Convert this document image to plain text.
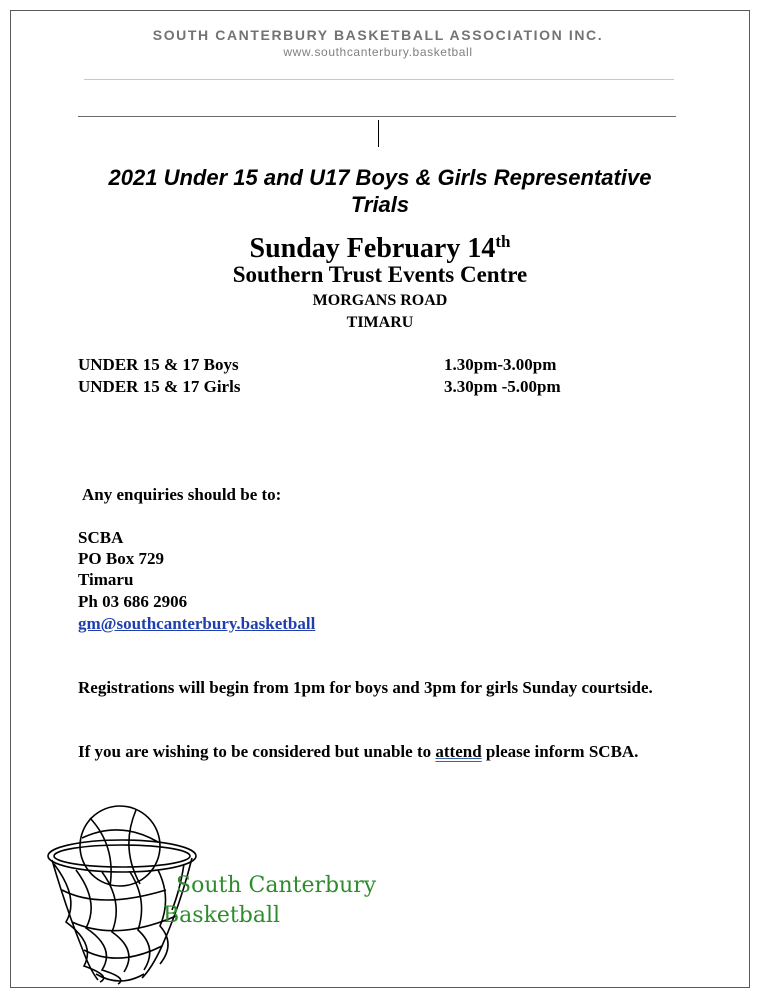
SOUTH CANTERBURY BASKETBALL ASSOCIATION INC.
www.southcanterbury.basketball
2021 Under 15 and U17 Boys & Girls Representative
Trials
Sunday February 14th
Southern Trust Events Centre
MORGANS ROAD
TIMARU
UNDER 15 & 17 Boys	1.30pm-3.00pm
UNDER 15 & 17 Girls	3.30pm -5.00pm
Any enquiries should be to:
SCBA
PO Box 729
Timaru
Ph 03 686 2906
gm@southcanterbury.basketball
Registrations will begin from 1pm for boys and 3pm for girls Sunday courtside.
If you are wishing to be considered but unable to attend please inform SCBA.
South Canterbury
Basketball
